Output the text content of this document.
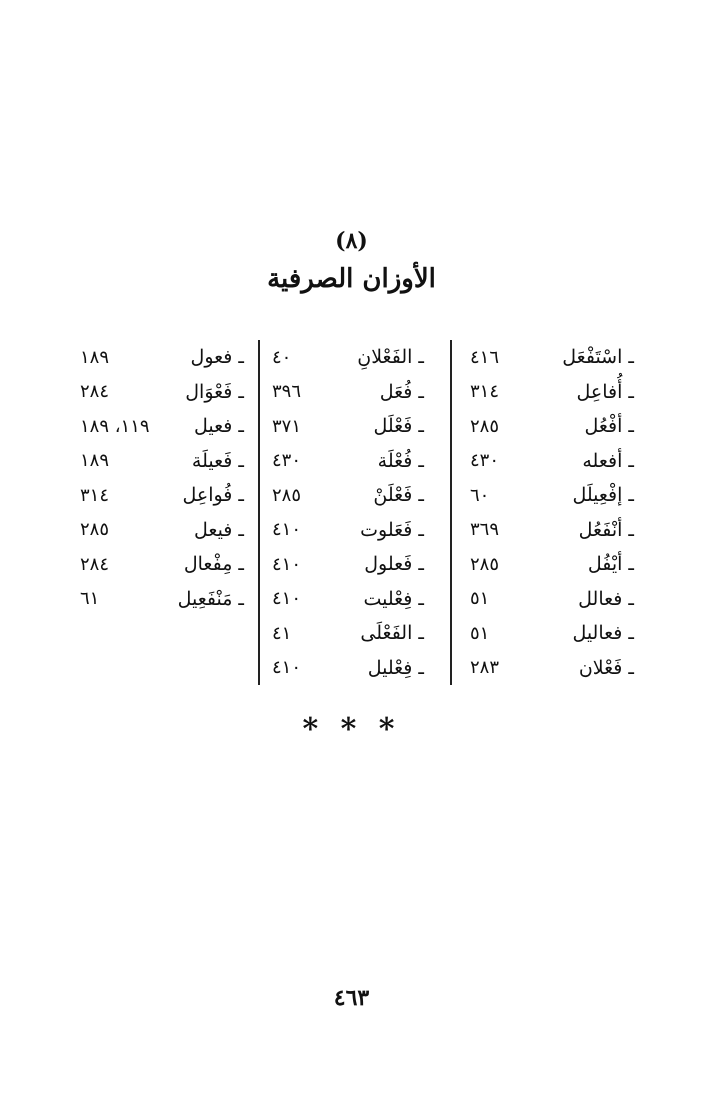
(٨)
الأوزان الصرفية
ـ اسْتَفْعَل
٤١٦
ـ أُفاعِل
٣١٤
ـ أفْعُل
٢٨٥
ـ أفعله
٤٣٠
ـ إفْعِيلَل
٦٠
ـ أنْفَعُل
٣٦٩
ـ أيْفُل
٢٨٥
ـ فعالل
٥١
ـ فعاليل
٥١
ـ فَعْلان
٢٨٣
ـ الفَعْلانِ
٤٠
ـ فُعَل
٣٩٦
ـ فَعْلَل
٣٧١
ـ فُعْلَة
٤٣٠
ـ فَعْلَنْ
٢٨٥
ـ فَعَلوت
٤١٠
ـ فَعلول
٤١٠
ـ فِعْليت
٤١٠
ـ الفَعْلَى
٤١
ـ فِعْليل
٤١٠
ـ فعول
١٨٩
ـ فَعْوَال
٢٨٤
ـ فعيل
١١٩، ١٨٩
ـ فَعيلَة
١٨٩
ـ فُواعِل
٣١٤
ـ فيعل
٢٨٥
ـ مِفْعال
٢٨٤
ـ مَنْفَعِيل
٦١
* * *
٤٦٣
